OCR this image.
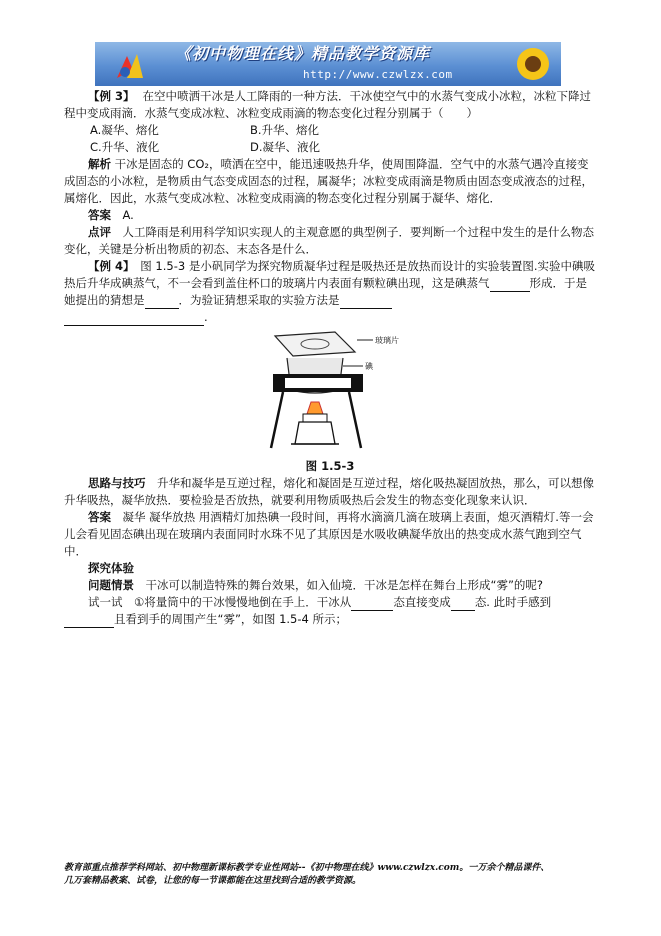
《初中物理在线》精品教学资源库
http://www.czwlzx.com

【例 3】 在空中喷洒干冰是人工降雨的一种方法．干冰使空气中的水蒸气变成小冰粒，冰粒下降过程中变成雨滴．水蒸气变成冰粒、冰粒变成雨滴的物态变化过程分别属于（　　）

A.凝华、熔化	B.升华、熔化
C.升华、液化	D.凝华、液化

解析 干冰是固态的 CO₂，喷洒在空中，能迅速吸热升华，使周围降温．空气中的水蒸气遇冷直接变成固态的小冰粒，是物质由气态变成固态的过程，属凝华；冰粒变成雨滴是物质由固态变成液态的过程，属熔化．因此，水蒸气变成冰粒、冰粒变成雨滴的物态变化过程分别属于凝华、熔化．

答案　 A.

点评　 人工降雨是利用科学知识实现人的主观意愿的典型例子．要判断一个过程中发生的是什么物态变化，关键是分析出物质的初态、末态各是什么．

【例 4】　 图 1.5-3 是小矾同学为探究物质凝华过程是吸热还是放热而设计的实验装置图.实验中碘吸热后升华成碘蒸气，不一会看到盖住杯口的玻璃片内表面有颗粒碘出现，这是碘蒸气	形成．于是她提出的猜想是	．为验证猜想采取的实验方法是
.

玻璃片
碘
图 1.5-3

思路与技巧　 升华和凝华是互逆过程，熔化和凝固是互逆过程，熔化吸热凝固放热，那么，可以想像升华吸热，凝华放热．要检验是否放热，就要利用物质吸热后会发生的物态变化现象来认识．

答案　 凝华 凝华放热 用酒精灯加热碘一段时间，再将水滴滴几滴在玻璃上表面，熄灭酒精灯.等一会儿会看见固态碘出现在玻璃内表面同时水珠不见了其原因是水吸收碘凝华放出的热变成水蒸气跑到空气中．

探究体验

问题情景　 干冰可以制造特殊的舞台效果，如入仙境．干冰是怎样在舞台上形成“雾”的呢?

试一试　 ①将量筒中的干冰慢慢地倒在手上．干冰从	态直接变成 态. 此时手感到且看到手的周围产生“雾”，如图 1.5-4 所示；

教育部重点推荐学科网站、初中物理新课标教学专业性网站--《初中物理在线》www.czwlzx.com。一万余个精品课件、
几万套精品教案、试卷，让您的每一节课都能在这里找到合适的教学资源。
